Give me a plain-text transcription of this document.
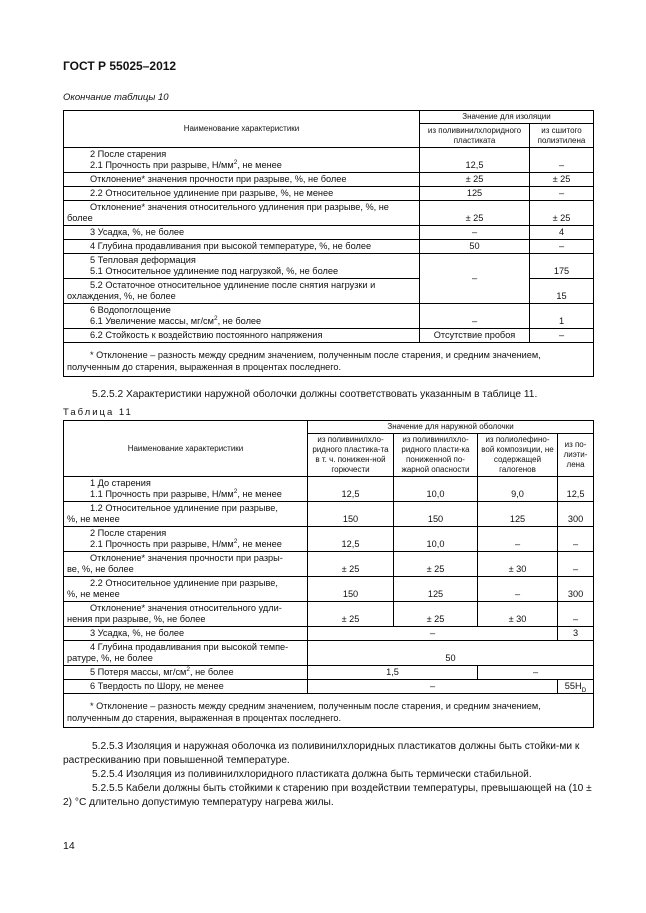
ГОСТ Р 55025–2012
Окончание таблицы 10
Наименование характеристики	Значение для изоляции	
	из поливинилхлоридного пластиката	из сшитого полиэтилена

2 После старения
2.1 Прочность при разрыве, $Н/мм^2$, не менее	12,5	–
Отклонение* значения прочности при разрыве, %, не более	± 25	± 25
2.2 Относительное удлинение при разрыве, %, не менее	125	–

Отклонение* значения относительного удлинения при разрыве, %, не
более	± 25	± 25
3 Усадка, %, не более	–	4
4 Глубина продавливания при высокой температуре, %, не более	50	–

5 Тепловая деформация
5.1 Относительное удлинение под нагрузкой, %, не более	–	175

5.2 Остаточное относительное удлинение после снятия нагрузки и
охлаждения, %, не более		15

6 Водопоглощение
6.1 Увеличение массы, $мг/см^2$, не более	–	1
6.2 Стойкость к воздействию постоянного напряжения	Отсутствие пробоя	–
* Отклонение – разность между средним значением, полученным после старения, и средним значением, полученным до старения, выраженная в процентах последнего.		
5.2.5.2 Характеристики наружной оболочки должны соответствовать указанным в таблице 11.
Таблица 11
Наименование характеристики	Значение для наружной оболочки			
	из поливинилхло-ридного пластика-та в т. ч. понижен-ной горючести	из поливинилхло-ридного пласти-ка пониженной по-жарной опасности	из полиолефино-вой композиции, не содержащей галогенов	из по-лиэти-лена

1 До старения
1.1 Прочность при разрыве, $Н/мм^2$, не менее	12,5	10,0	9,0	12,5

1.2 Относительное удлинение при разрыве,
%, не менее	150	150	125	300

2 После старения
2.1 Прочность при разрыве, $Н/мм^2$, не менее	12,5	10,0	–	–

Отклонение* значения прочности при разры-
ве, %, не более	± 25	± 25	± 30	–

2.2 Относительное удлинение при разрыве,
%, не менее	150	125	–	300

Отклонение* значения относительного удли-
нения при разрыве, %, не более	± 25	± 25	± 30	–
3 Усадка, %, не более	–			3

4 Глубина продавливания при высокой темпе-
ратуре, %, не более	50			
5 Потеря массы, $мг/см^2$, не более	1,5		–	
6 Твердость по Шору, не менее	–			$55H_D$
* Отклонение – разность между средним значением, полученным после старения, и средним значением, полученным до старения, выраженная в процентах последнего.				
5.2.5.3 Изоляция и наружная оболочка из поливинилхлоридных пластикатов должны быть стойки-ми к растрескиванию при повышенной температуре.
5.2.5.4 Изоляция из поливинилхлоридного пластиката должна быть термически стабильной.
5.2.5.5 Кабели должны быть стойкими к старению при воздействии температуры, превышающей на (10 ± 2) °С длительно допустимую температуру нагрева жилы.
14
